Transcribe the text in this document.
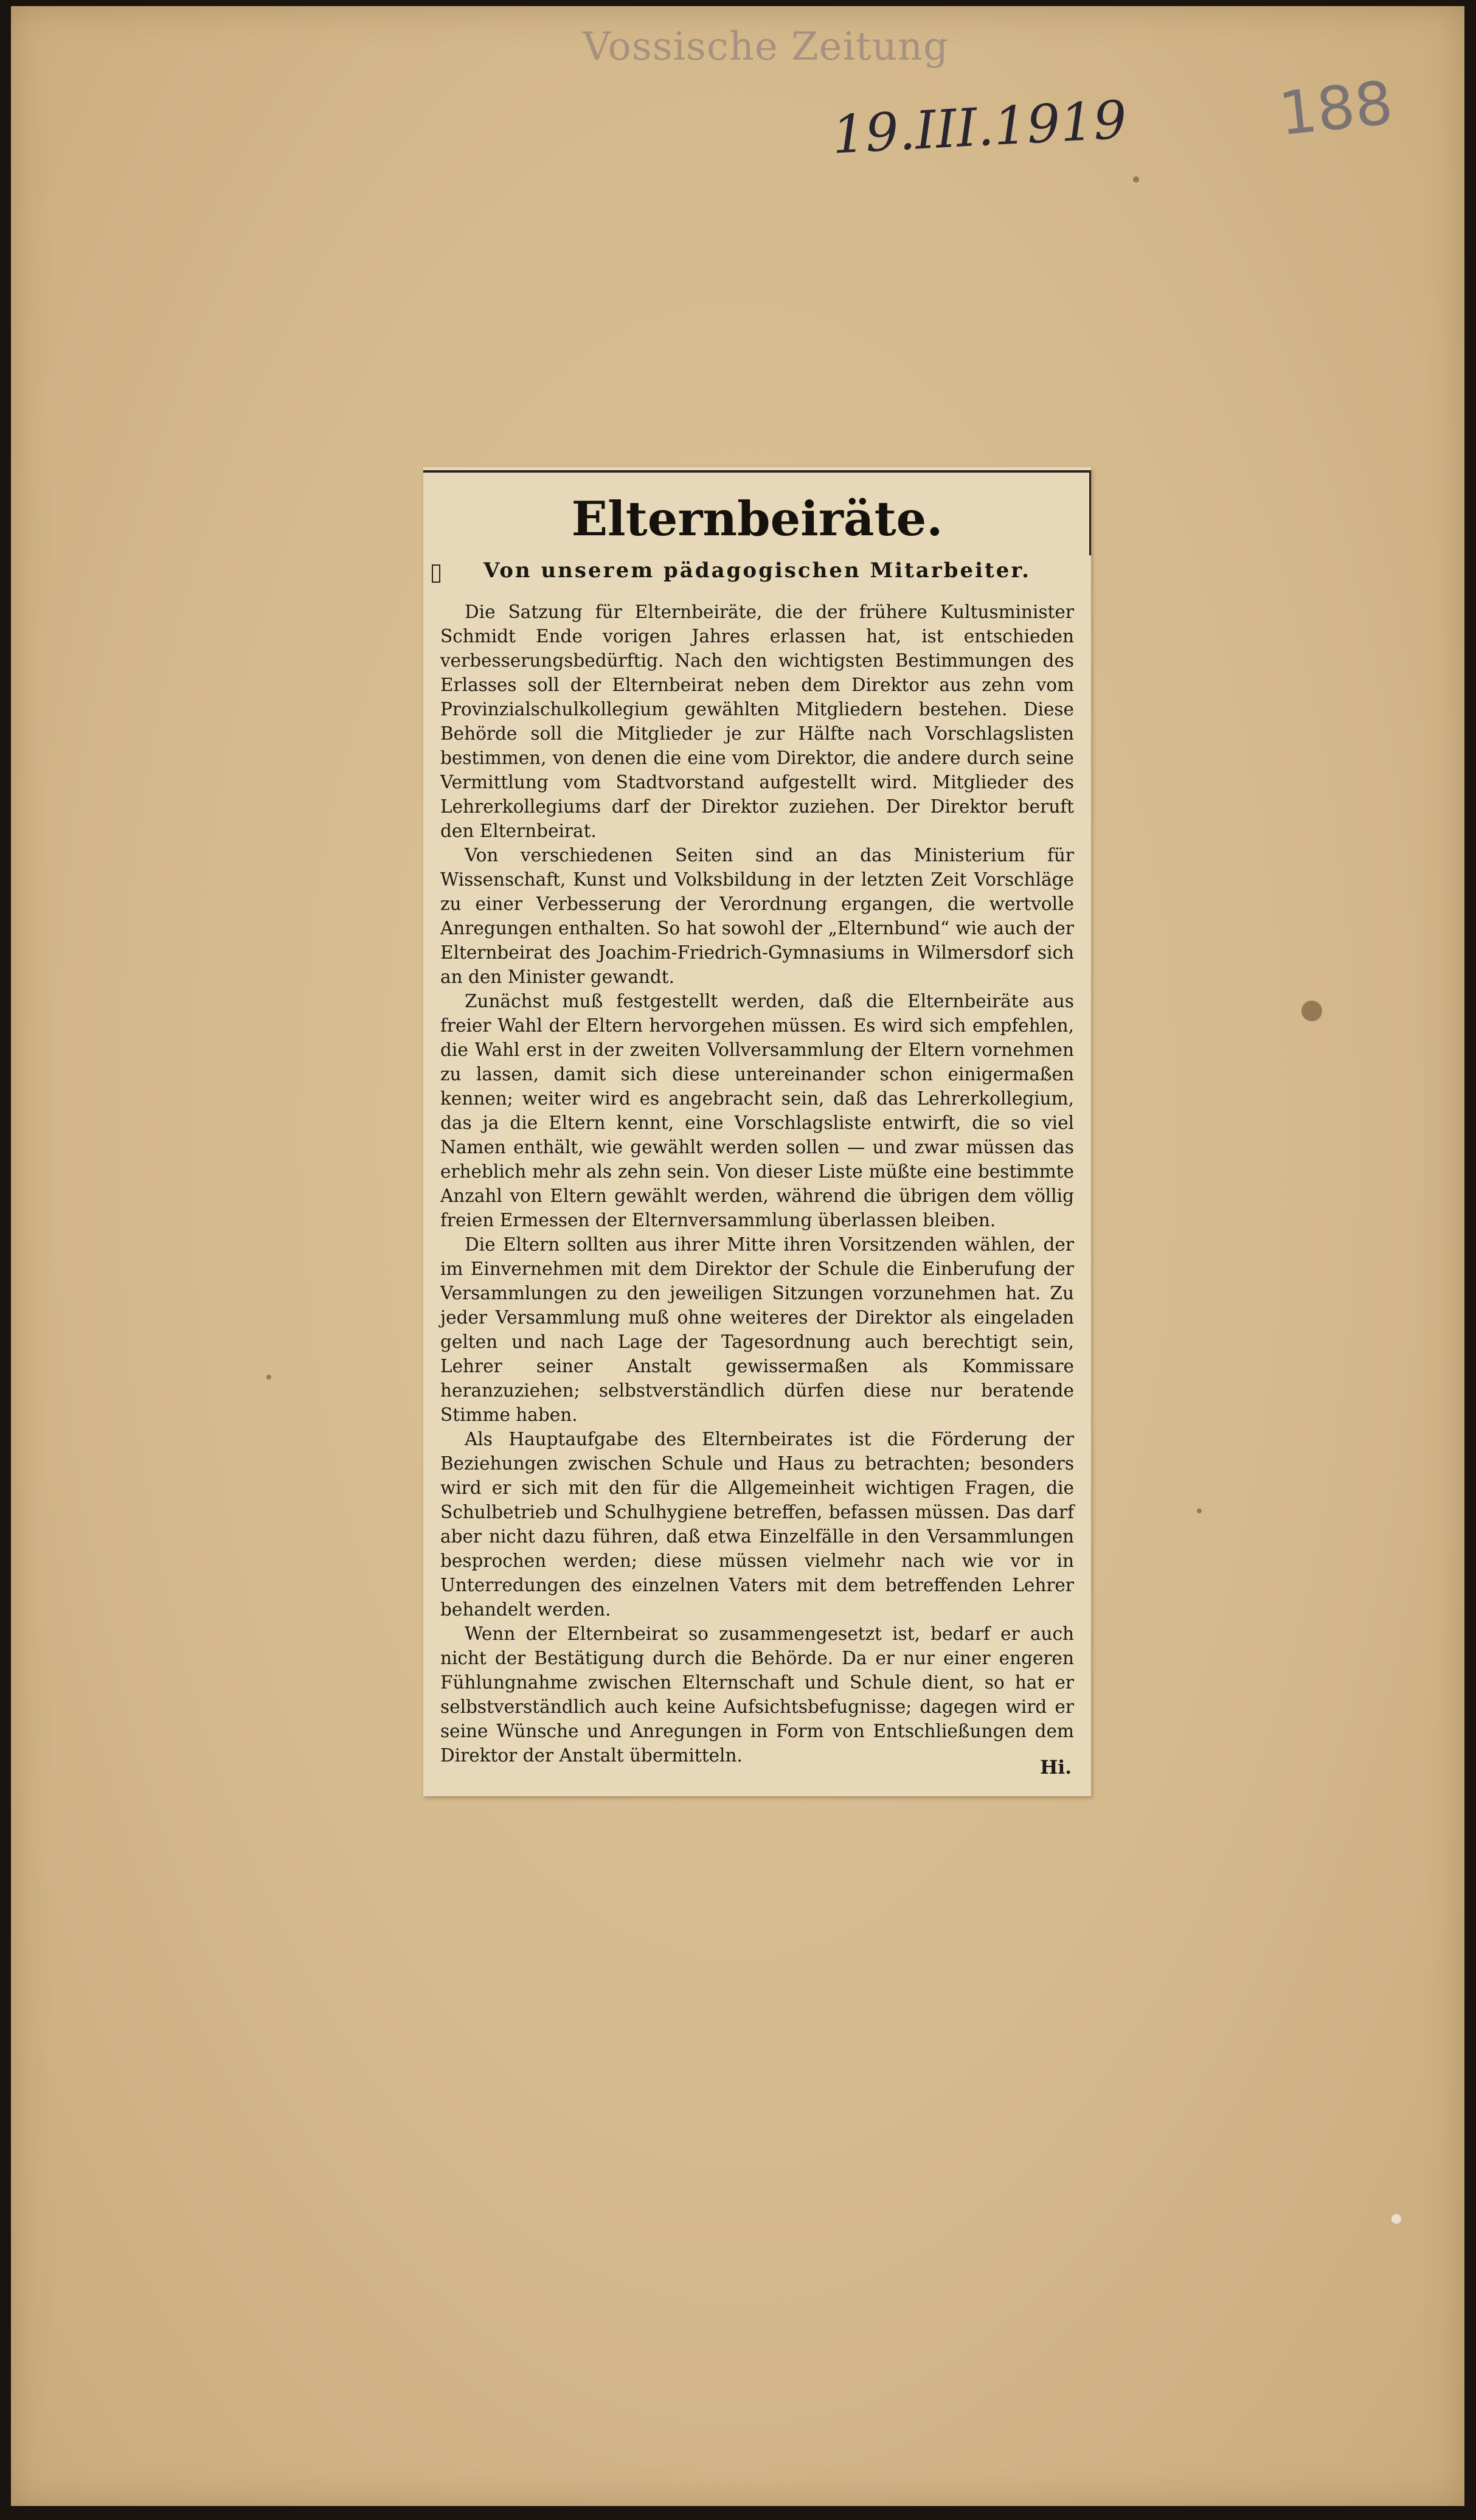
Vossische Zeitung
19.III.1919 188
Elternbeiräte.
Von unserem pädagogischen Mitarbeiter.

Die Satzung für Elternbeiräte, die der frühere Kultusminister Schmidt Ende vorigen Jahres erlassen hat, ist entschieden verbesserungsbedürftig. Nach den wichtigsten Bestimmungen des Erlasses soll der Elternbeirat neben dem Direktor aus zehn vom Provinzialschulkollegium gewählten Mitgliedern bestehen. Diese Behörde soll die Mitglieder je zur Hälfte nach Vorschlagslisten bestimmen, von denen die eine vom Direktor, die andere durch seine Vermittlung vom Stadtvorstand aufgestellt wird. Mitglieder des Lehrerkollegiums darf der Direktor zuziehen. Der Direktor beruft den Elternbeirat.

Von verschiedenen Seiten sind an das Ministerium für Wissenschaft, Kunst und Volksbildung in der letzten Zeit Vorschläge zu einer Verbesserung der Verordnung ergangen, die wertvolle Anregungen enthalten. So hat sowohl der „Elternbund“ wie auch der Elternbeirat des Joachim-Friedrich-Gymnasiums in Wilmersdorf sich an den Minister gewandt.

Zunächst muß festgestellt werden, daß die Elternbeiräte aus freier Wahl der Eltern hervorgehen müssen. Es wird sich empfehlen, die Wahl erst in der zweiten Vollversammlung der Eltern vornehmen zu lassen, damit sich diese untereinander schon einigermaßen kennen; weiter wird es angebracht sein, daß das Lehrerkollegium, das ja die Eltern kennt, eine Vorschlagsliste entwirft, die so viel Namen enthält, wie gewählt werden sollen — und zwar müssen das erheblich mehr als zehn sein. Von dieser Liste müßte eine bestimmte Anzahl von Eltern gewählt werden, während die übrigen dem völlig freien Ermessen der Elternversammlung überlassen bleiben.

Die Eltern sollten aus ihrer Mitte ihren Vorsitzenden wählen, der im Einvernehmen mit dem Direktor der Schule die Einberufung der Versammlungen zu den jeweiligen Sitzungen vorzunehmen hat. Zu jeder Versammlung muß ohne weiteres der Direktor als eingeladen gelten und nach Lage der Tagesordnung auch berechtigt sein, Lehrer seiner Anstalt gewissermaßen als Kommissare heranzuziehen; selbstverständlich dürfen diese nur beratende Stimme haben.

Als Hauptaufgabe des Elternbeirates ist die Förderung der Beziehungen zwischen Schule und Haus zu betrachten; besonders wird er sich mit den für die Allgemeinheit wichtigen Fragen, die Schulbetrieb und Schulhygiene betreffen, befassen müssen. Das darf aber nicht dazu führen, daß etwa Einzelfälle in den Versammlungen besprochen werden; diese müssen vielmehr nach wie vor in Unterredungen des einzelnen Vaters mit dem betreffenden Lehrer behandelt werden.

Wenn der Elternbeirat so zusammengesetzt ist, bedarf er auch nicht der Bestätigung durch die Behörde. Da er nur einer engeren Fühlungnahme zwischen Elternschaft und Schule dient, so hat er selbstverständlich auch keine Aufsichtsbefugnisse; dagegen wird er seine Wünsche und Anregungen in Form von Entschließungen dem Direktor der Anstalt übermitteln.

Hi.
